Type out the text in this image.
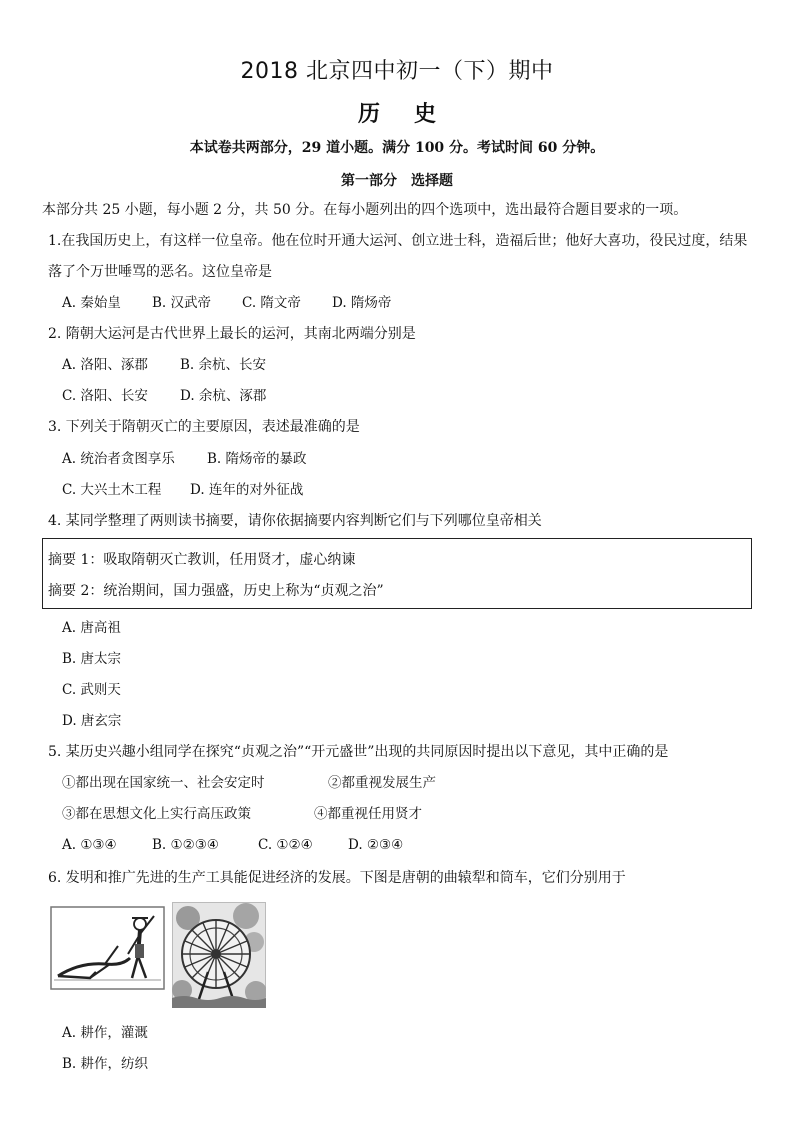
2018 北京四中初一（下）期中
历史
本试卷共两部分，29 道小题。满分 100 分。考试时间 60 分钟。
第一部分　选择题
本部分共 25 小题，每小题 2 分，共 50 分。在每小题列出的四个选项中，选出最符合题目要求的一项。
1.在我国历史上，有这样一位皇帝。他在位时开通大运河、创立进士科，造福后世；他好大喜功，役民过度，结果
落了个万世唾骂的恶名。这位皇帝是
A. 秦始皇 B. 汉武帝 C. 隋文帝 D. 隋炀帝
2. 隋朝大运河是古代世界上最长的运河，其南北两端分别是
A. 洛阳、涿郡 B. 余杭、长安
C. 洛阳、长安 D. 余杭、涿郡
3. 下列关于隋朝灭亡的主要原因，表述最准确的是
A. 统治者贪图享乐 B. 隋炀帝的暴政
C. 大兴土木工程 D. 连年的对外征战
4. 某同学整理了两则读书摘要，请你依据摘要内容判断它们与下列哪位皇帝相关
摘要 1：吸取隋朝灭亡教训，任用贤才，虚心纳谏
摘要 2：统治期间，国力强盛，历史上称为“贞观之治”
A. 唐高祖
B. 唐太宗
C. 武则天
D. 唐玄宗
5. 某历史兴趣小组同学在探究“贞观之治”“开元盛世”出现的共同原因时提出以下意见，其中正确的是
①都出现在国家统一、社会安定时	②都重视发展生产
③都在思想文化上实行高压政策	④都重视任用贤才
A. ①③④	B. ①②③④	C. ①②④	D. ②③④
6. 发明和推广先进的生产工具能促进经济的发展。下图是唐朝的曲辕犁和筒车，它们分别用于
A. 耕作，灌溉
B. 耕作，纺织
